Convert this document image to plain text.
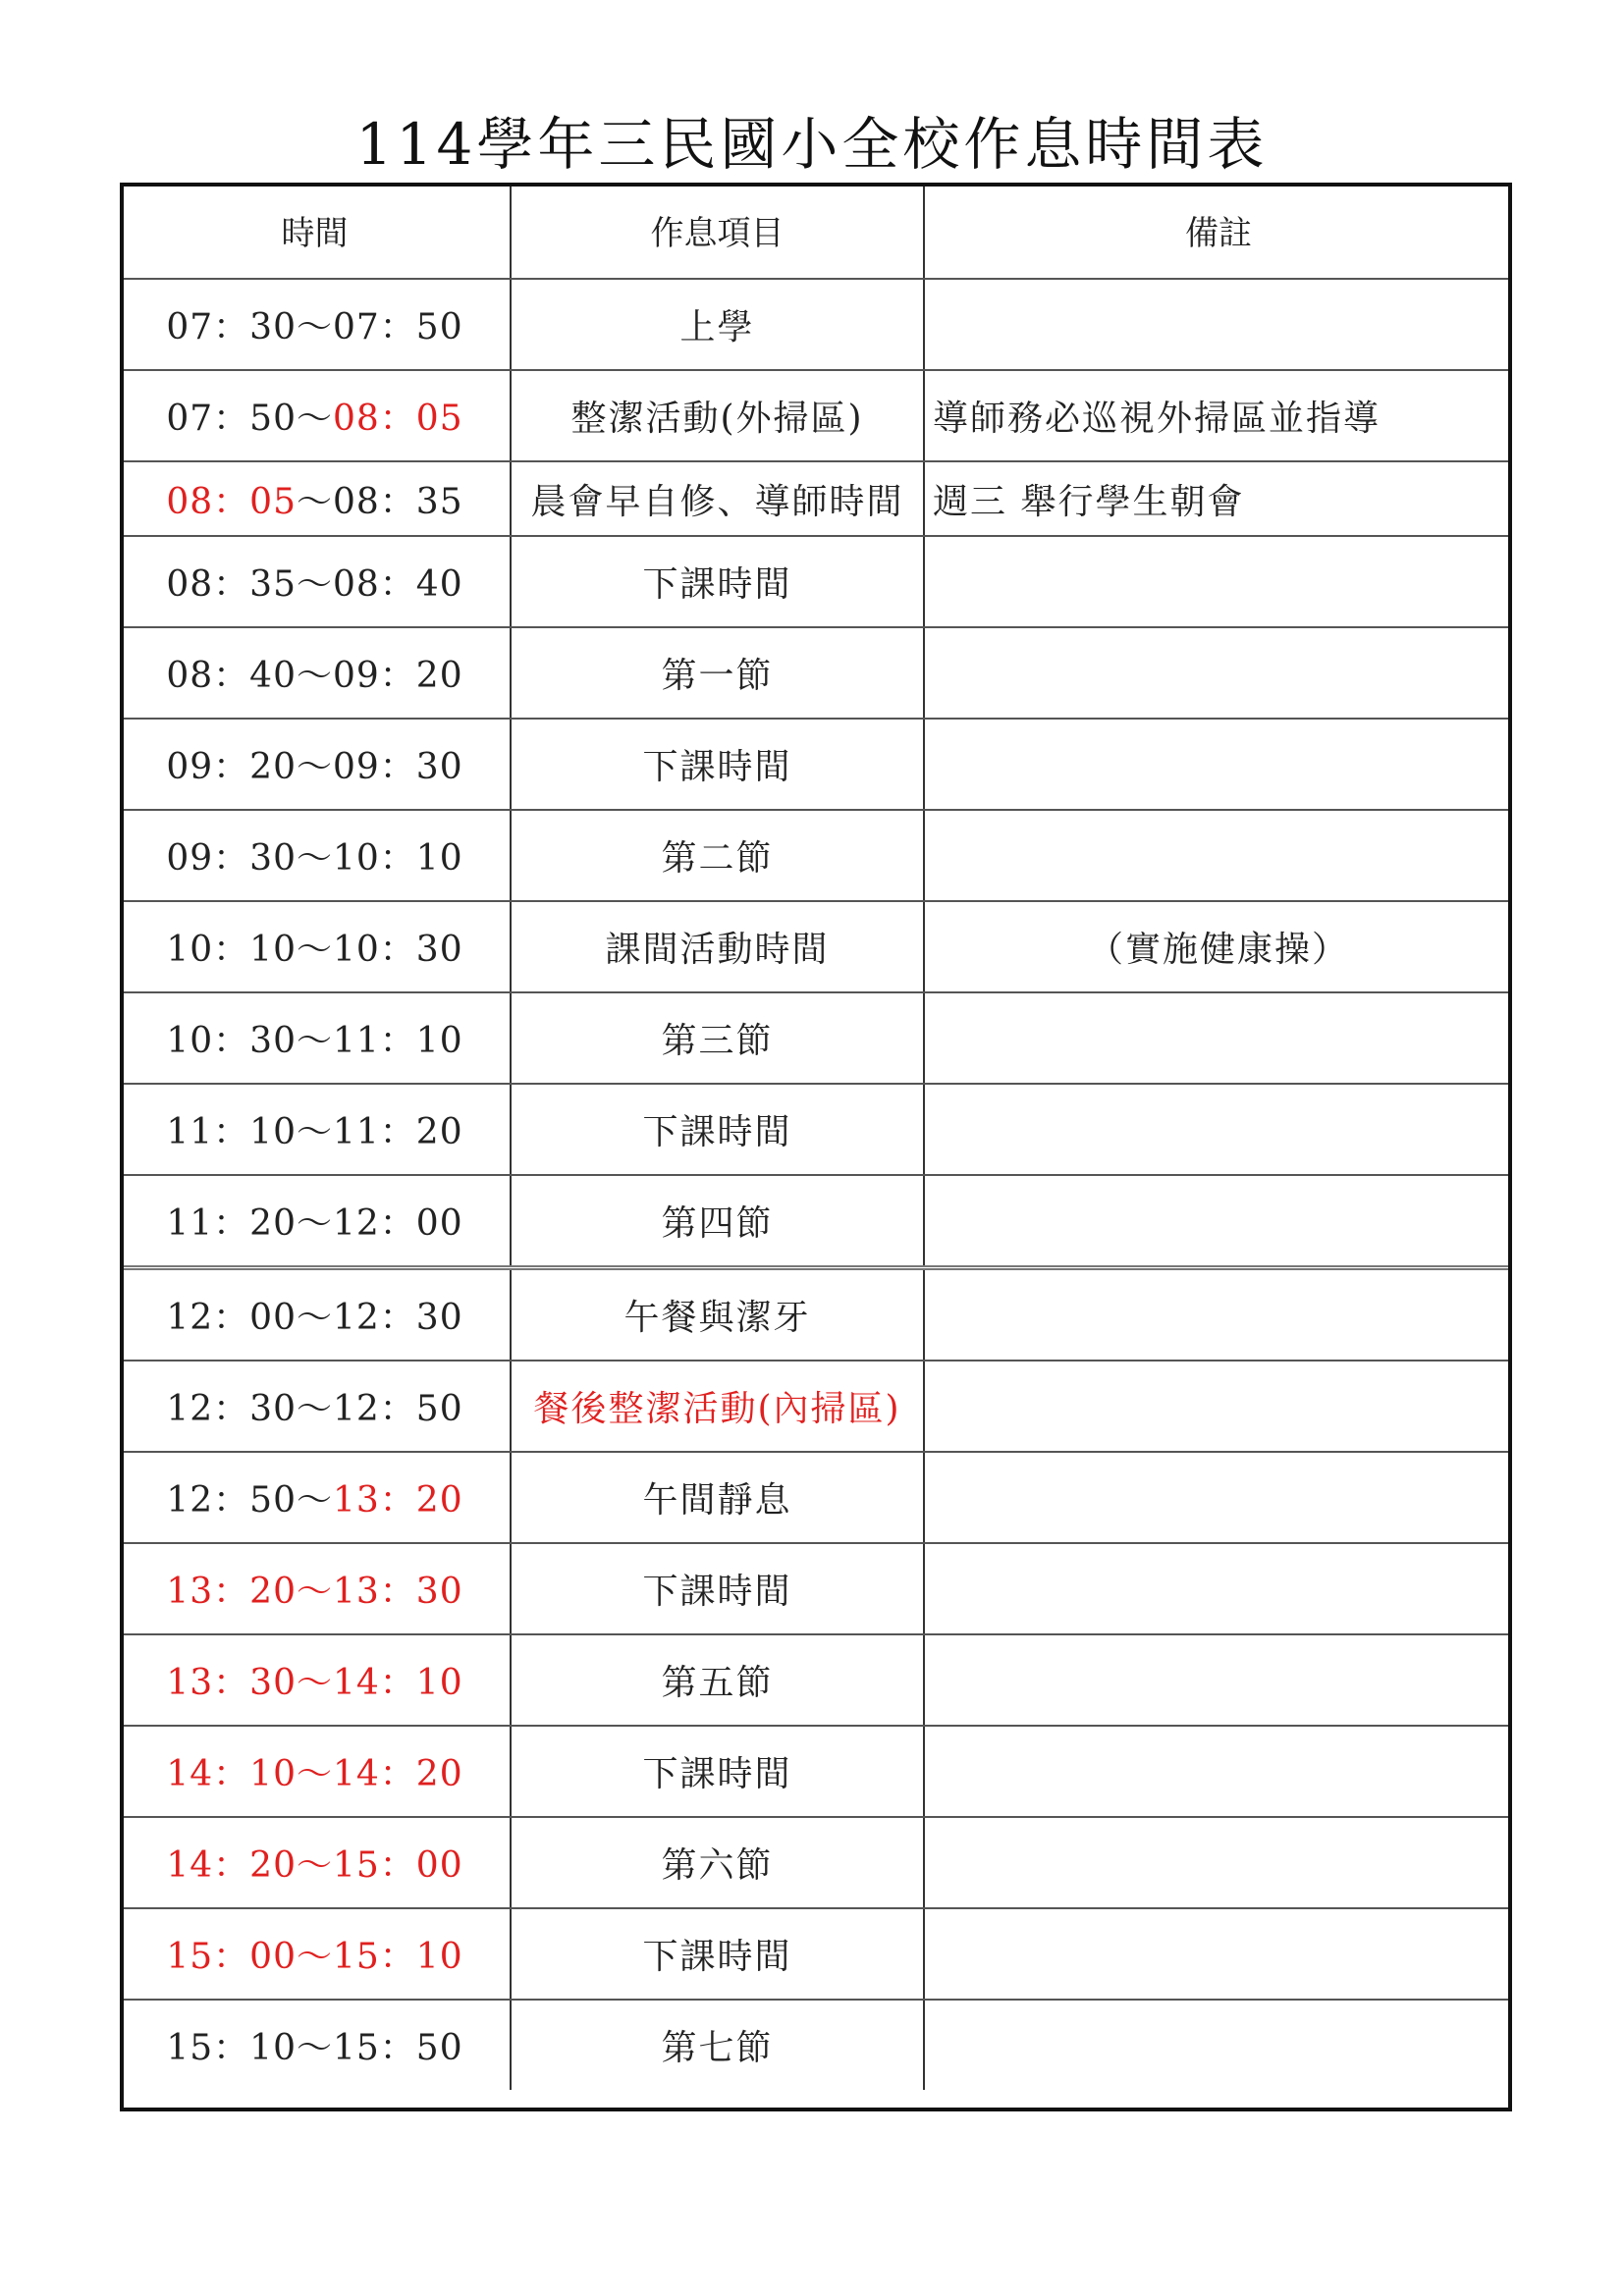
114學年三民國小全校作息時間表
時間	作息項目	備註
07：30～07：50	上學	
07：50～08：05	整潔活動(外掃區)	導師務必巡視外掃區並指導
08：05～08：35	晨會早自修、導師時間	週三 舉行學生朝會
08：35～08：40	下課時間	
08：40～09：20	第一節	
09：20～09：30	下課時間	
09：30～10：10	第二節	
10：10～10：30	課間活動時間	（實施健康操）
10：30～11：10	第三節	
11：10～11：20	下課時間	
11：20～12：00	第四節	
12：00～12：30	午餐與潔牙	
12：30～12：50	餐後整潔活動(內掃區)	
12：50～13：20	午間靜息	
13：20～13：30	下課時間	
13：30～14：10	第五節	
14：10～14：20	下課時間	
14：20～15：00	第六節	
15：00～15：10	下課時間	
15：10～15：50	第七節	
